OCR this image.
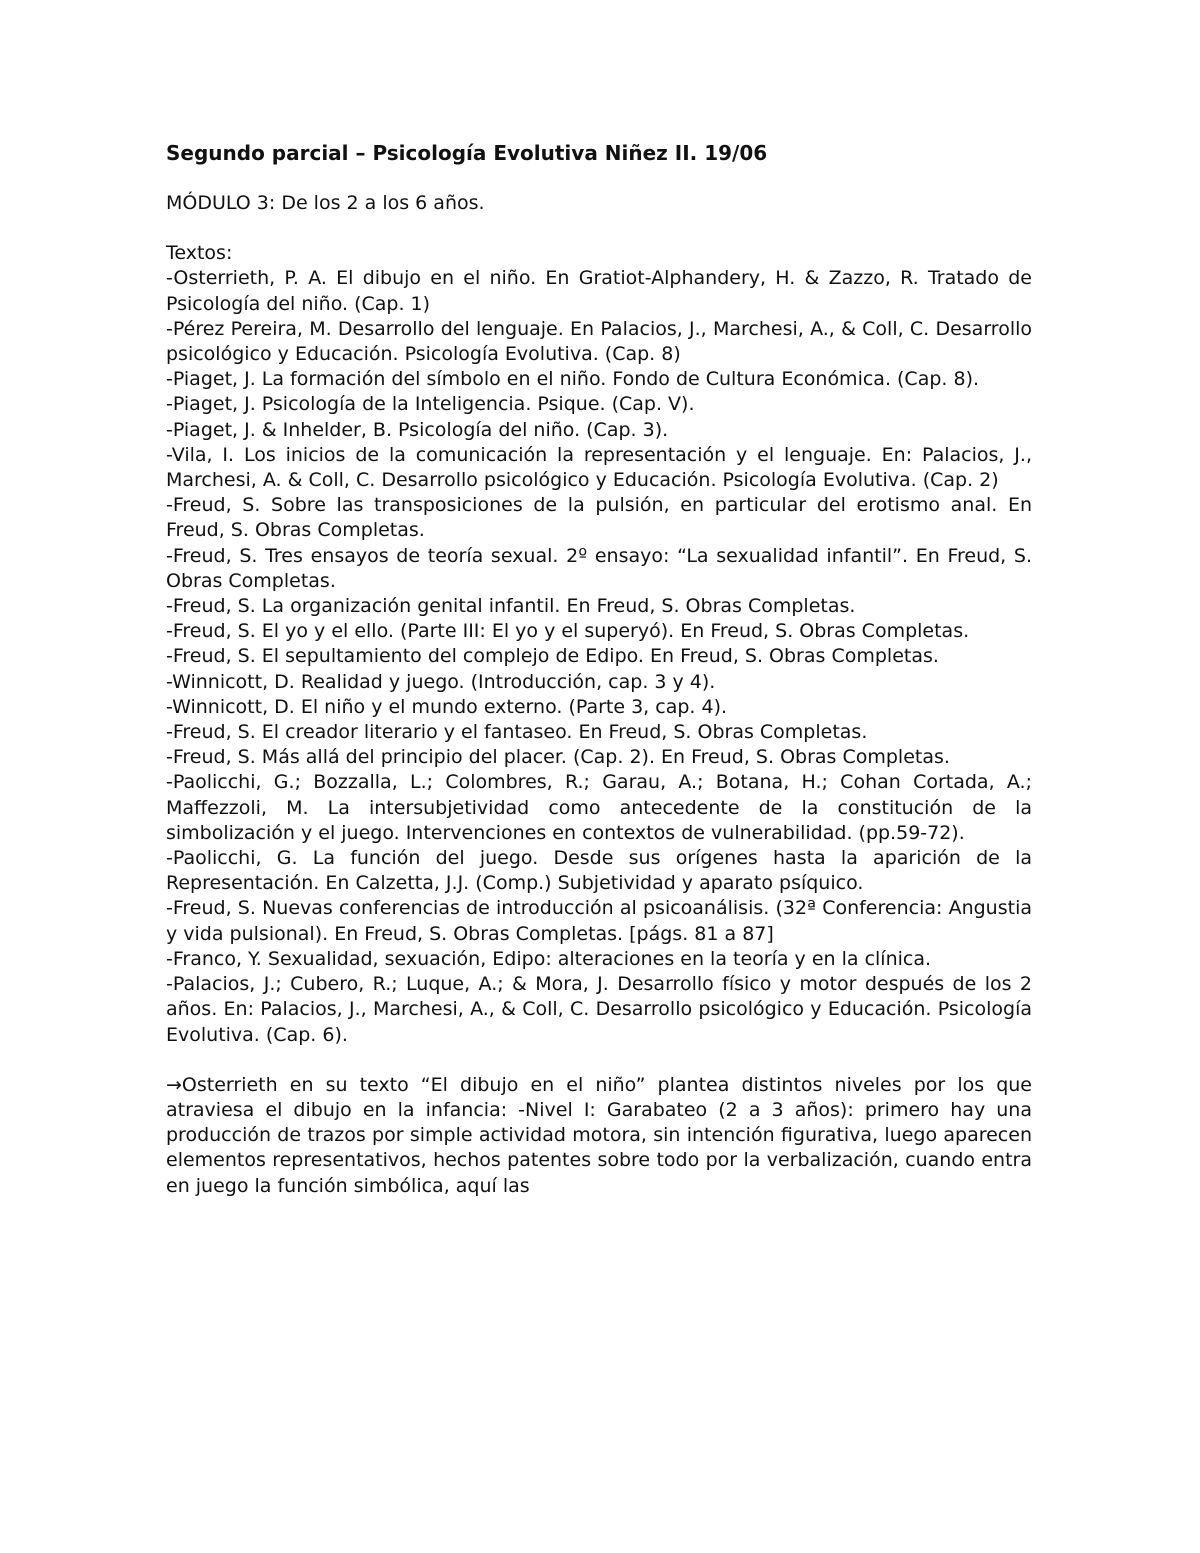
Segundo parcial – Psicología Evolutiva Niñez II. 19/06
MÓDULO 3: De los 2 a los 6 años.
Textos:
-Osterrieth, P. A. El dibujo en el niño. En Gratiot-Alphandery, H. & Zazzo, R. Tratado de Psicología del niño. (Cap. 1)
-Pérez Pereira, M. Desarrollo del lenguaje. En Palacios, J., Marchesi, A., & Coll, C. Desarrollo psicológico y Educación. Psicología Evolutiva. (Cap. 8)
-Piaget, J. La formación del símbolo en el niño. Fondo de Cultura Económica. (Cap. 8).
-Piaget, J. Psicología de la Inteligencia. Psique. (Cap. V).
-Piaget, J. & Inhelder, B. Psicología del niño. (Cap. 3).
-Vila, I. Los inicios de la comunicación la representación y el lenguaje. En: Palacios, J., Marchesi, A. & Coll, C. Desarrollo psicológico y Educación. Psicología Evolutiva. (Cap. 2)
-Freud, S. Sobre las transposiciones de la pulsión, en particular del erotismo anal. En Freud, S. Obras Completas.
-Freud, S. Tres ensayos de teoría sexual. 2º ensayo: “La sexualidad infantil”. En Freud, S. Obras Completas.
-Freud, S. La organización genital infantil. En Freud, S. Obras Completas.
-Freud, S. El yo y el ello. (Parte III: El yo y el superyó). En Freud, S. Obras Completas.
-Freud, S. El sepultamiento del complejo de Edipo. En Freud, S. Obras Completas.
-Winnicott, D. Realidad y juego. (Introducción, cap. 3 y 4).
-Winnicott, D. El niño y el mundo externo. (Parte 3, cap. 4).
-Freud, S. El creador literario y el fantaseo. En Freud, S. Obras Completas.
-Freud, S. Más allá del principio del placer. (Cap. 2). En Freud, S. Obras Completas.
-Paolicchi, G.; Bozzalla, L.; Colombres, R.; Garau, A.; Botana, H.; Cohan Cortada, A.; Maffezzoli, M. La intersubjetividad como antecedente de la constitución de la simbolización y el juego. Intervenciones en contextos de vulnerabilidad. (pp.59-72).
-Paolicchi, G. La función del juego. Desde sus orígenes hasta la aparición de la Representación. En Calzetta, J.J. (Comp.) Subjetividad y aparato psíquico.
-Freud, S. Nuevas conferencias de introducción al psicoanálisis. (32ª Conferencia: Angustia y vida pulsional). En Freud, S. Obras Completas. [págs. 81 a 87]
-Franco, Y. Sexualidad, sexuación, Edipo: alteraciones en la teoría y en la clínica.
-Palacios, J.; Cubero, R.; Luque, A.; & Mora, J. Desarrollo físico y motor después de los 2 años. En: Palacios, J., Marchesi, A., & Coll, C. Desarrollo psicológico y Educación. Psicología Evolutiva. (Cap. 6).
→Osterrieth en su texto “El dibujo en el niño” plantea distintos niveles por los que atraviesa el dibujo en la infancia: -Nivel I: Garabateo (2 a 3 años): primero hay una producción de trazos por simple actividad motora, sin intención figurativa, luego aparecen elementos representativos, hechos patentes sobre todo por la verbalización, cuando entra en juego la función simbólica, aquí las
